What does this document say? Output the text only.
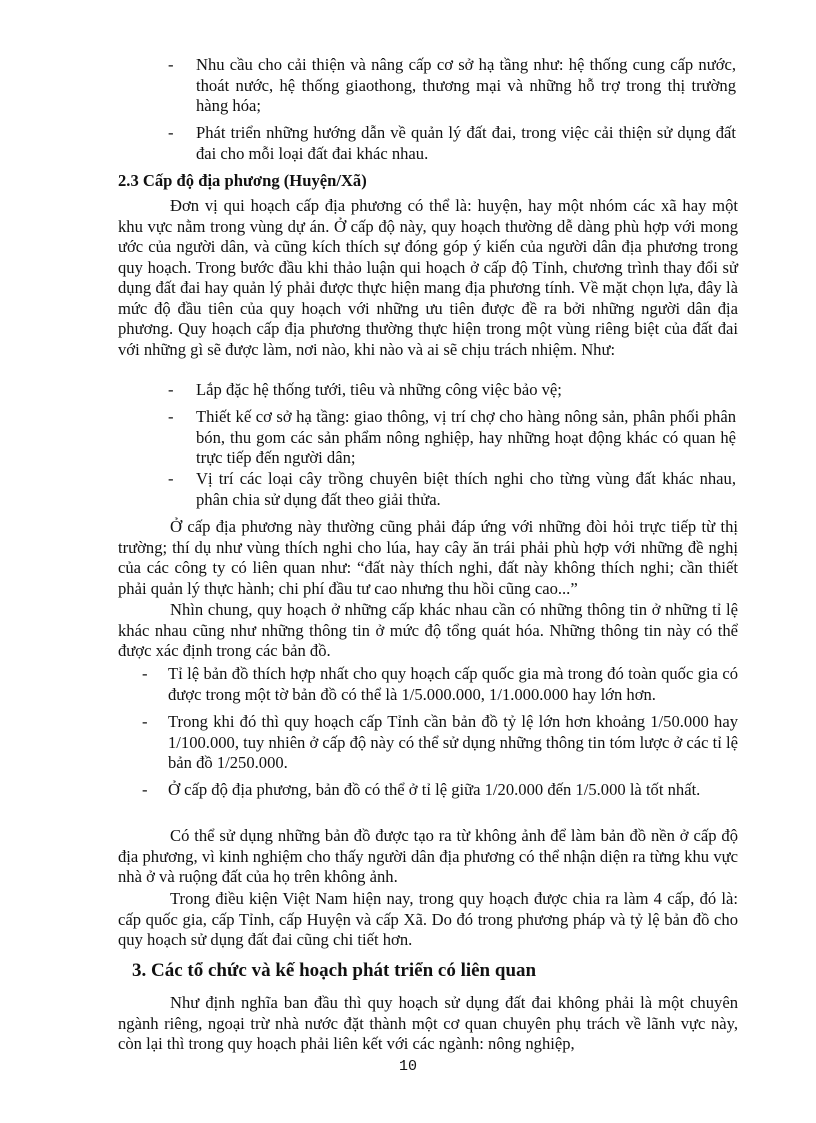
- Nhu cầu cho cải thiện và nâng cấp cơ sở hạ tầng như: hệ thống cung cấp nước, thoát nước, hệ thống giaothong, thương mại và những hỗ trợ trong thị trường hàng hóa;
- Phát triển những hướng dẫn về quản lý đất đai, trong việc cải thiện sử dụng đất đai cho mỗi loại đất đai khác nhau.
2.3 Cấp độ địa phương (Huyện/Xã)
Đơn vị qui hoạch cấp địa phương có thể là: huyện, hay một nhóm các xã hay một khu vực nằm trong vùng dự án. Ở cấp độ này, quy hoạch thường dễ dàng phù hợp với mong ước của người dân, và cũng kích thích sự đóng góp ý kiến của người dân địa phương trong quy hoạch. Trong bước đầu khi thảo luận qui hoạch ở cấp độ Tỉnh, chương trình thay đổi sử dụng đất đai hay quản lý phải được thực hiện mang địa phương tính. Về mặt chọn lựa, đây là mức độ đầu tiên của quy hoạch với những ưu tiên được đề ra bởi những người dân địa phương. Quy hoạch cấp địa phương thường thực hiện trong một vùng riêng biệt của đất đai với những gì sẽ được làm, nơi nào, khi nào và ai sẽ chịu trách nhiệm. Như:
- Lắp đặc hệ thống tưới, tiêu và những công việc bảo vệ;
- Thiết kế cơ sở hạ tầng: giao thông, vị trí chợ cho hàng nông sản, phân phối phân bón, thu gom các sản phẩm nông nghiệp, hay những hoạt động khác có quan hệ trực tiếp đến người dân;
- Vị trí các loại cây trồng chuyên biệt thích nghi cho từng vùng đất khác nhau, phân chia sử dụng đất theo giải thửa.
Ở cấp địa phương này thường cũng phải đáp ứng với những đòi hỏi trực tiếp từ thị trường; thí dụ như vùng thích nghi cho lúa, hay cây ăn trái phải phù hợp với những đề nghị của các công ty có liên quan như: “đất này thích nghi, đất này không thích nghi; cần thiết phải quản lý thực hành; chi phí đầu tư cao nhưng thu hồi cũng cao...”
Nhìn chung, quy hoạch ở những cấp khác nhau cần có những thông tin ở những tỉ lệ khác nhau cũng như những thông tin ở mức độ tổng quát hóa. Những thông tin này có thể được xác định trong các bản đồ.
- Tỉ lệ bản đồ thích hợp nhất cho quy hoạch cấp quốc gia mà trong đó toàn quốc gia có được trong một tờ bản đồ có thể là 1/5.000.000, 1/1.000.000 hay lớn hơn.
- Trong khi đó thì quy hoạch cấp Tỉnh cần bản đồ tỷ lệ lớn hơn khoảng 1/50.000 hay 1/100.000, tuy nhiên ở cấp độ này có thể sử dụng những thông tin tóm lược ở các tỉ lệ bản đồ 1/250.000.
- Ở cấp độ địa phương, bản đồ có thể ở tỉ lệ giữa 1/20.000 đến 1/5.000 là tốt nhất.
Có thể sử dụng những bản đồ được tạo ra từ không ảnh để làm bản đồ nền ở cấp độ địa phương, vì kinh nghiệm cho thấy người dân địa phương có thể nhận diện ra từng khu vực nhà ở và ruộng đất của họ trên không ảnh.
Trong điều kiện Việt Nam hiện nay, trong quy hoạch được chia ra làm 4 cấp, đó là: cấp quốc gia, cấp Tỉnh, cấp Huyện và cấp Xã. Do đó trong phương pháp và tỷ lệ bản đồ cho quy hoạch sử dụng đất đai cũng chi tiết hơn.
3. Các tổ chức và kế hoạch phát triển có liên quan
Như định nghĩa ban đầu thì quy hoạch sử dụng đất đai không phải là một chuyên ngành riêng, ngoại trừ nhà nước đặt thành một cơ quan chuyên phụ trách về lãnh vực này, còn lại thì trong quy hoạch phải liên kết với các ngành: nông nghiệp,
10
